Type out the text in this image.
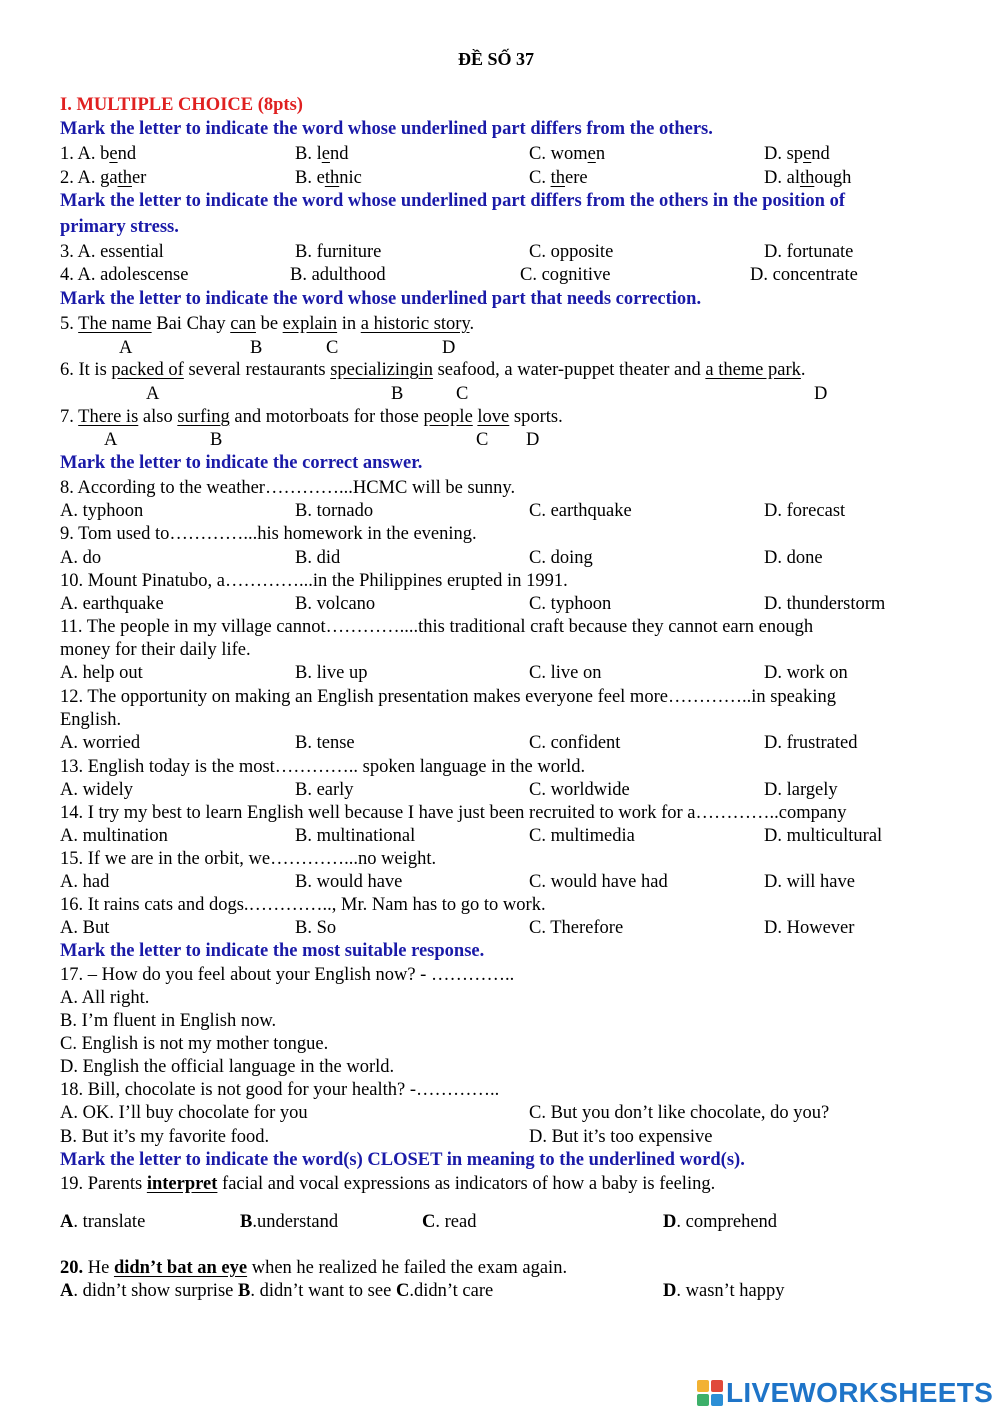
ĐỀ SỐ 37
I. MULTIPLE CHOICE (8pts)
Mark the letter to indicate the word whose underlined part differs from the others.
1. A. bend	B. lend	C. women	D. spend
2. A. gather	B. ethnic	C. there	D. although
Mark the letter to indicate the word whose underlined part differs from the others in the position of
primary stress.
3. A. essential	B. furniture	C. opposite	D. fortunate
4. A. adolescense	B. adulthood	C. cognitive	D. concentrate
Mark the letter to indicate the word whose underlined part that needs correction.
5. The name Bai Chay can be explain in a historic story.
A	B	C	D
6. It is packed of several restaurants specializingin seafood, a water-puppet theater and a theme park.
A	B	C	D
7. There is also surfing and motorboats for those people love sports.
A	B	C D
Mark the letter to indicate the correct answer.
8. According to the weather…………...HCMC will be sunny.
A. typhoon	B. tornado	C. earthquake	D. forecast
9. Tom used to…………...his homework in the evening.
A. do	B. did	C. doing	D. done
10. Mount Pinatubo, a…………...in the Philippines erupted in 1991.
A. earthquake	B. volcano	C. typhoon	D. thunderstorm
11. The people in my village cannot…………....this traditional craft because they cannot earn enough
money for their daily life.
A. help out	B. live up	C. live on	D. work on
12. The opportunity on making an English presentation makes everyone feel more…………..in speaking
English.
A. worried	B. tense	C. confident	D. frustrated
13. English today is the most………….. spoken language in the world.
A. widely	B. early	C. worldwide	D. largely
14. I try my best to learn English well because I have just been recruited to work for a…………..company
A. multination	B. multinational	C. multimedia	D. multicultural
15. If we are in the orbit, we…………...no weight.
A. had	B. would have	C. would have had	D. will have
16. It rains cats and dogs.………….., Mr. Nam has to go to work.
A. But	B. So	C. Therefore	D. However
Mark the letter to indicate the most suitable response.
17. – How do you feel about your English now? - …………..
A. All right.
B. I’m fluent in English now.
C. English is not my mother tongue.
D. English the official language in the world.
18. Bill, chocolate is not good for your health? -…………..
A. OK. I’ll buy chocolate for you	C. But you don’t like chocolate, do you?
B. But it’s my favorite food.	D. But it’s too expensive
Mark the letter to indicate the word(s) CLOSET in meaning to the underlined word(s).
19. Parents interpret facial and vocal expressions as indicators of how a baby is feeling.
A. translate	B.understand	C. read	D. comprehend
20. He didn’t bat an eye when he realized he failed the exam again.
A. didn’t show surprise B. didn’t want to see C.didn’t care	D. wasn’t happy
LIVEWORKSHEETS
